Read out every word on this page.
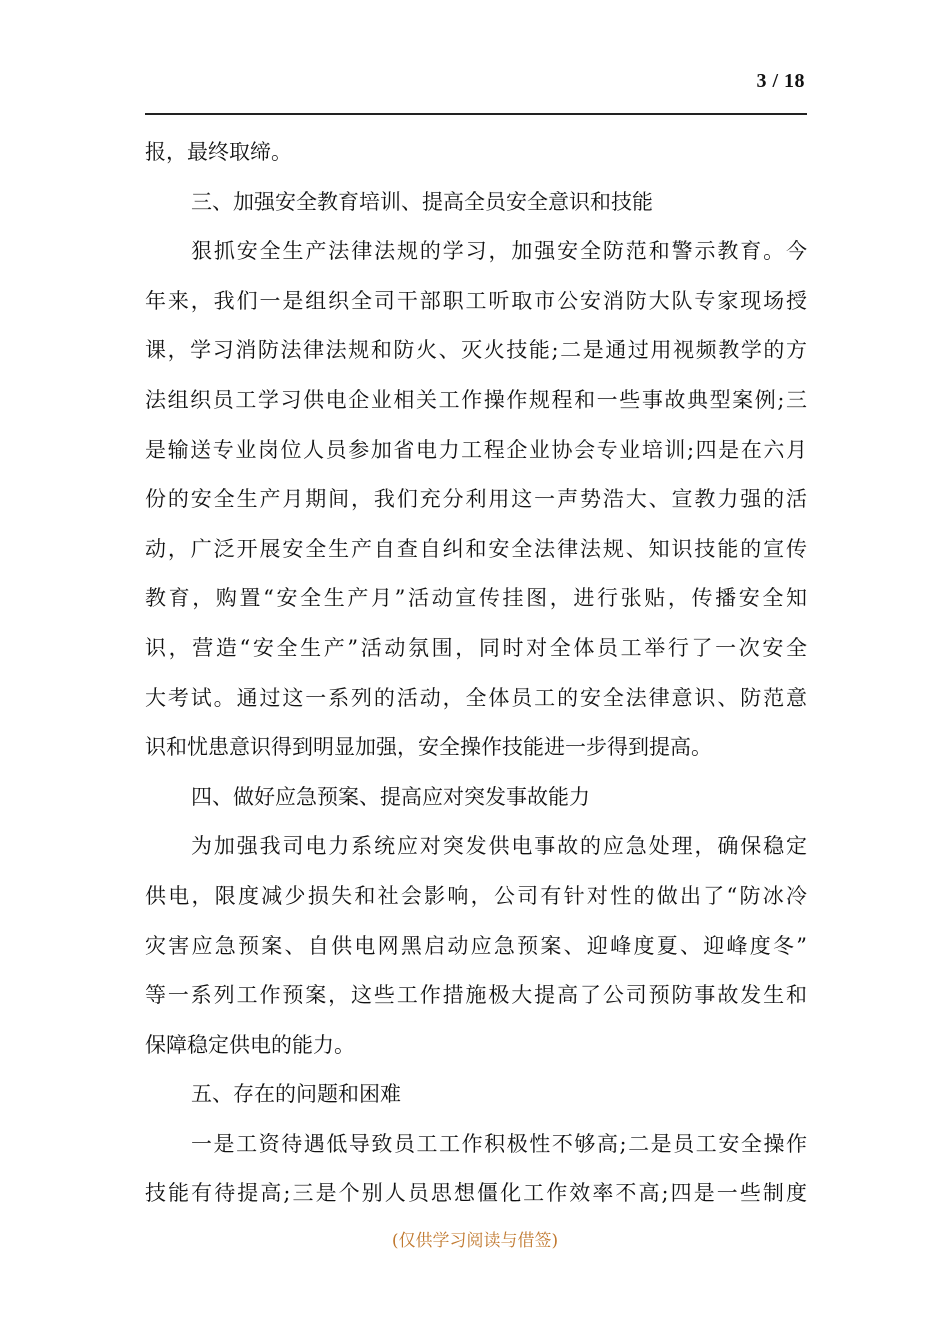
3 / 18
报，最终取缔。
三、加强安全教育培训、提高全员安全意识和技能
狠抓安全生产法律法规的学习，加强安全防范和警示教育。今
年来，我们一是组织全司干部职工听取市公安消防大队专家现场授
课，学习消防法律法规和防火、灭火技能;二是通过用视频教学的方
法组织员工学习供电企业相关工作操作规程和一些事故典型案例;三
是输送专业岗位人员参加省电力工程企业协会专业培训;四是在六月
份的安全生产月期间，我们充分利用这一声势浩大、宣教力强的活
动，广泛开展安全生产自查自纠和安全法律法规、知识技能的宣传
教育，购置“安全生产月”活动宣传挂图，进行张贴，传播安全知
识，营造“安全生产”活动氛围，同时对全体员工举行了一次安全
大考试。通过这一系列的活动，全体员工的安全法律意识、防范意
识和忧患意识得到明显加强，安全操作技能进一步得到提高。
四、做好应急预案、提高应对突发事故能力
为加强我司电力系统应对突发供电事故的应急处理，确保稳定
供电，限度减少损失和社会影响，公司有针对性的做出了“防冰冷
灾害应急预案、自供电网黑启动应急预案、迎峰度夏、迎峰度冬”
等一系列工作预案，这些工作措施极大提高了公司预防事故发生和
保障稳定供电的能力。
五、存在的问题和困难
一是工资待遇低导致员工工作积极性不够高;二是员工安全操作
技能有待提高;三是个别人员思想僵化工作效率不高;四是一些制度
(仅供学习阅读与借签)
